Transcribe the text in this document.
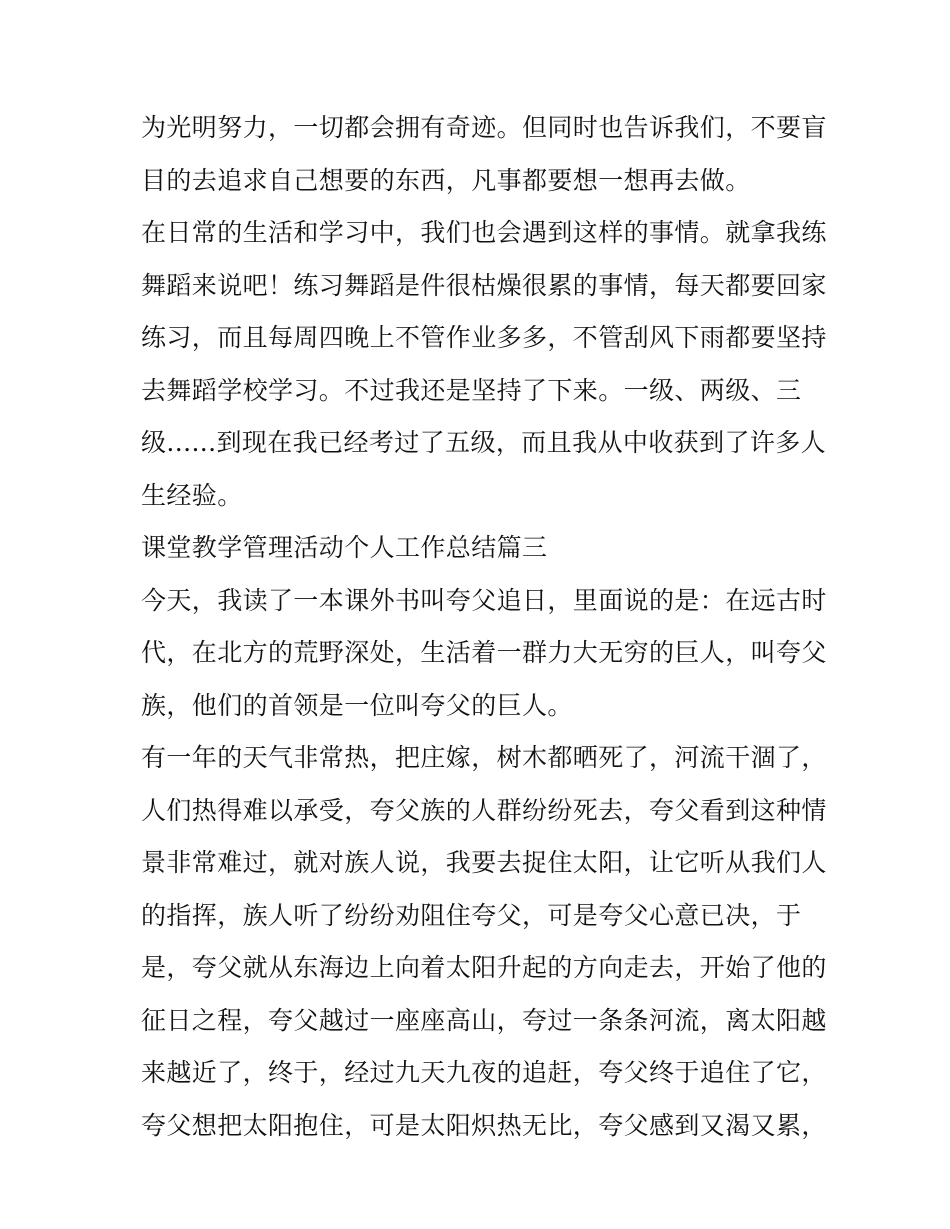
为光明努力，一切都会拥有奇迹。但同时也告诉我们，不要盲
目的去追求自己想要的东西，凡事都要想一想再去做。
在日常的生活和学习中，我们也会遇到这样的事情。就拿我练
舞蹈来说吧！练习舞蹈是件很枯燥很累的事情，每天都要回家
练习，而且每周四晚上不管作业多多，不管刮风下雨都要坚持
去舞蹈学校学习。不过我还是坚持了下来。一级、两级、三
级......到现在我已经考过了五级，而且我从中收获到了许多人
生经验。
课堂教学管理活动个人工作总结篇三
今天，我读了一本课外书叫夸父追日，里面说的是：在远古时
代，在北方的荒野深处，生活着一群力大无穷的巨人，叫夸父
族，他们的首领是一位叫夸父的巨人。
有一年的天气非常热，把庄嫁，树木都晒死了，河流干涸了，
人们热得难以承受，夸父族的人群纷纷死去，夸父看到这种情
景非常难过，就对族人说，我要去捉住太阳，让它听从我们人
的指挥，族人听了纷纷劝阻住夸父，可是夸父心意已决，于
是，夸父就从东海边上向着太阳升起的方向走去，开始了他的
征日之程，夸父越过一座座高山，夸过一条条河流，离太阳越
来越近了，终于，经过九天九夜的追赶，夸父终于追住了它，
夸父想把太阳抱住，可是太阳炽热无比，夸父感到又渴又累，
